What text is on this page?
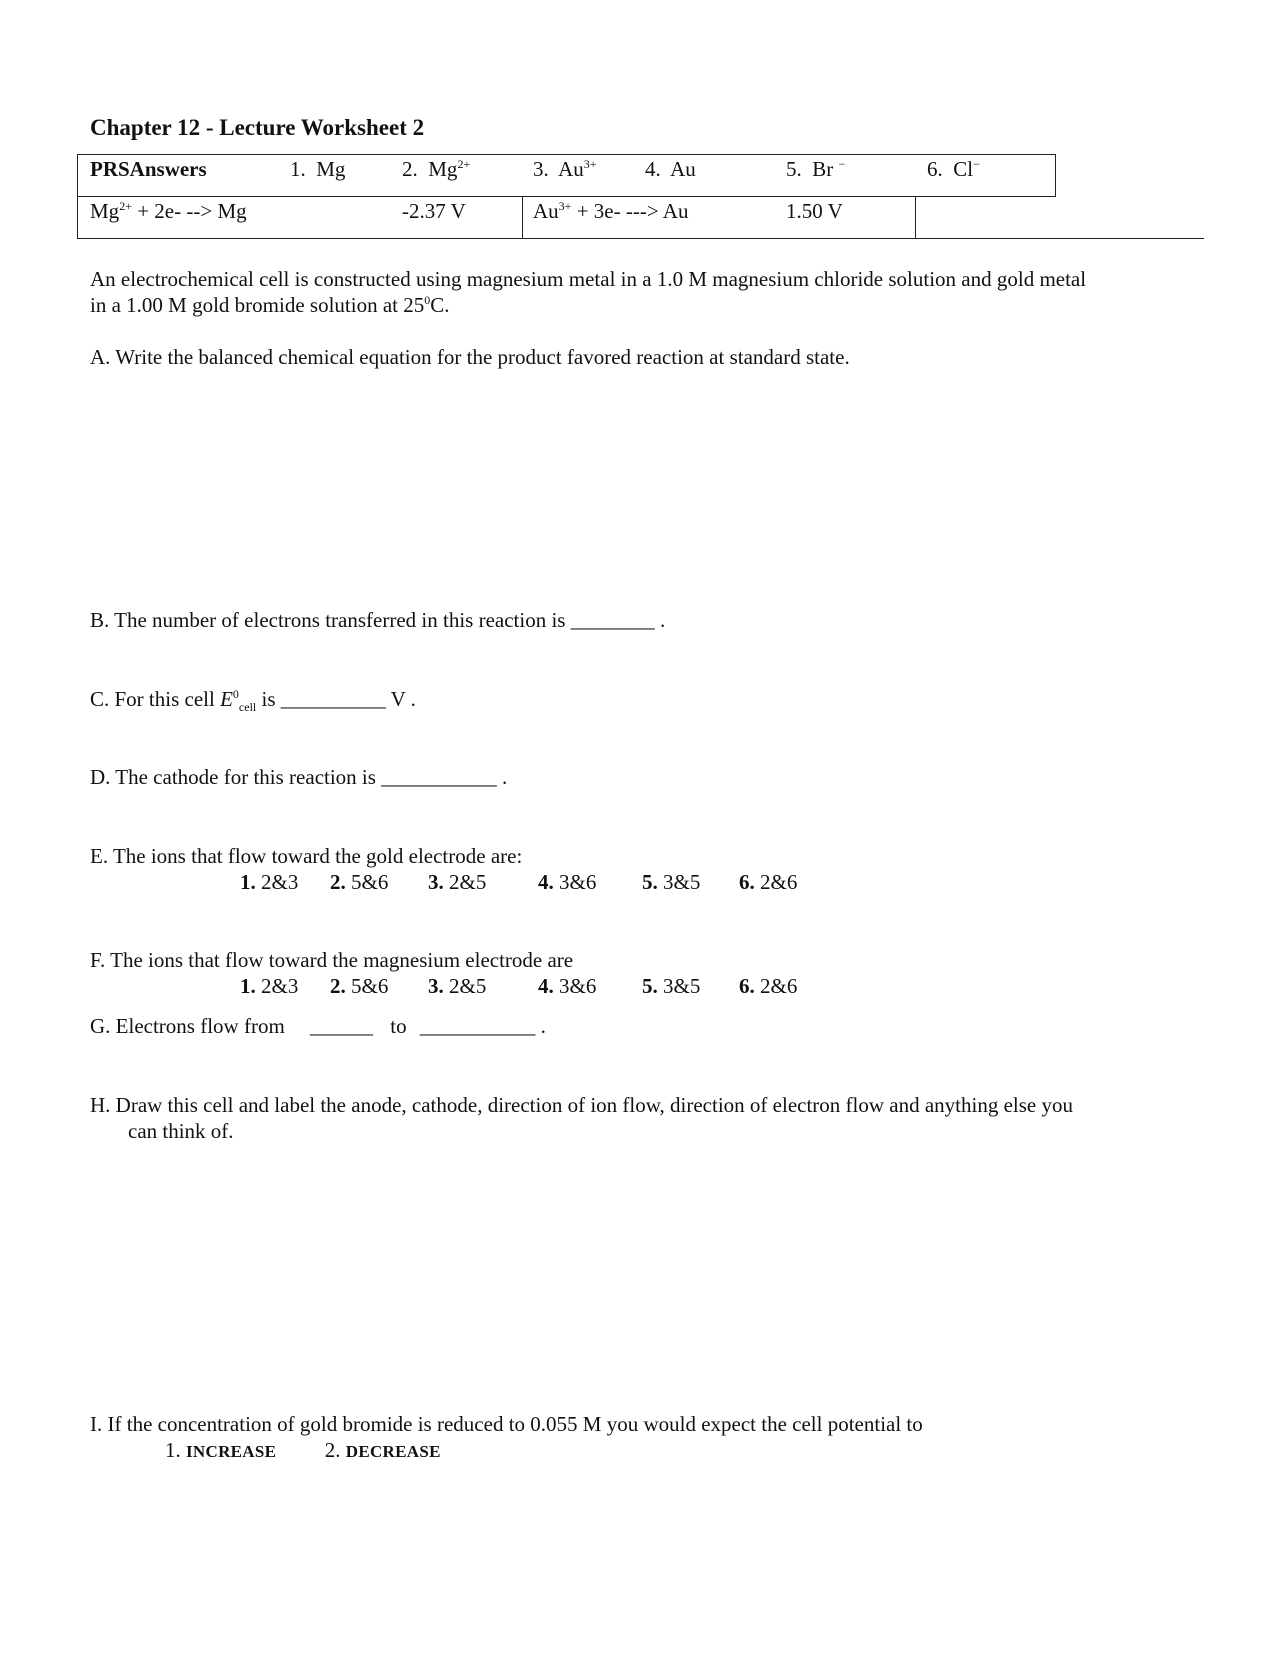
Chapter 12 - Lecture Worksheet 2
PRSAnswers	1. Mg	2. $Mg^{2+}$	3. $Au^{3+}$ 4. Au	5. Br −	6. Cl−
$Mg^{2+} + 2e-$ --> Mg	-2.37 V	$Au^{3+} + 3e-$ ---> Au	1.50 V
An electrochemical cell is constructed using magnesium metal in a 1.0 M magnesium chloride solution and gold metal
in a 1.00 M gold bromide solution at $25^0C$.
A. Write the balanced chemical equation for the product favored reaction at standard state.
B. The number of electrons transferred in this reaction is ________ .
C. For this cell $E^0_{cell}$ is __________ V .
D. The cathode for this reaction is ___________ .
E. The ions that flow toward the gold electrode are:
1. 2&3 2. 5&6 3. 2&5 4. 3&6 5. 3&5 6. 2&6
F. The ions that flow toward the magnesium electrode are
1. 2&3 2. 5&6 3. 2&5 4. 3&6 5. 3&5 6. 2&6
G. Electrons flow from ______ to ___________ .
H. Draw this cell and label the anode, cathode, direction of ion flow, direction of electron flow and anything else you
can think of.
I. If the concentration of gold bromide is reduced to 0.055 M you would expect the cell potential to
1. INCREASE 2. DECREASE
